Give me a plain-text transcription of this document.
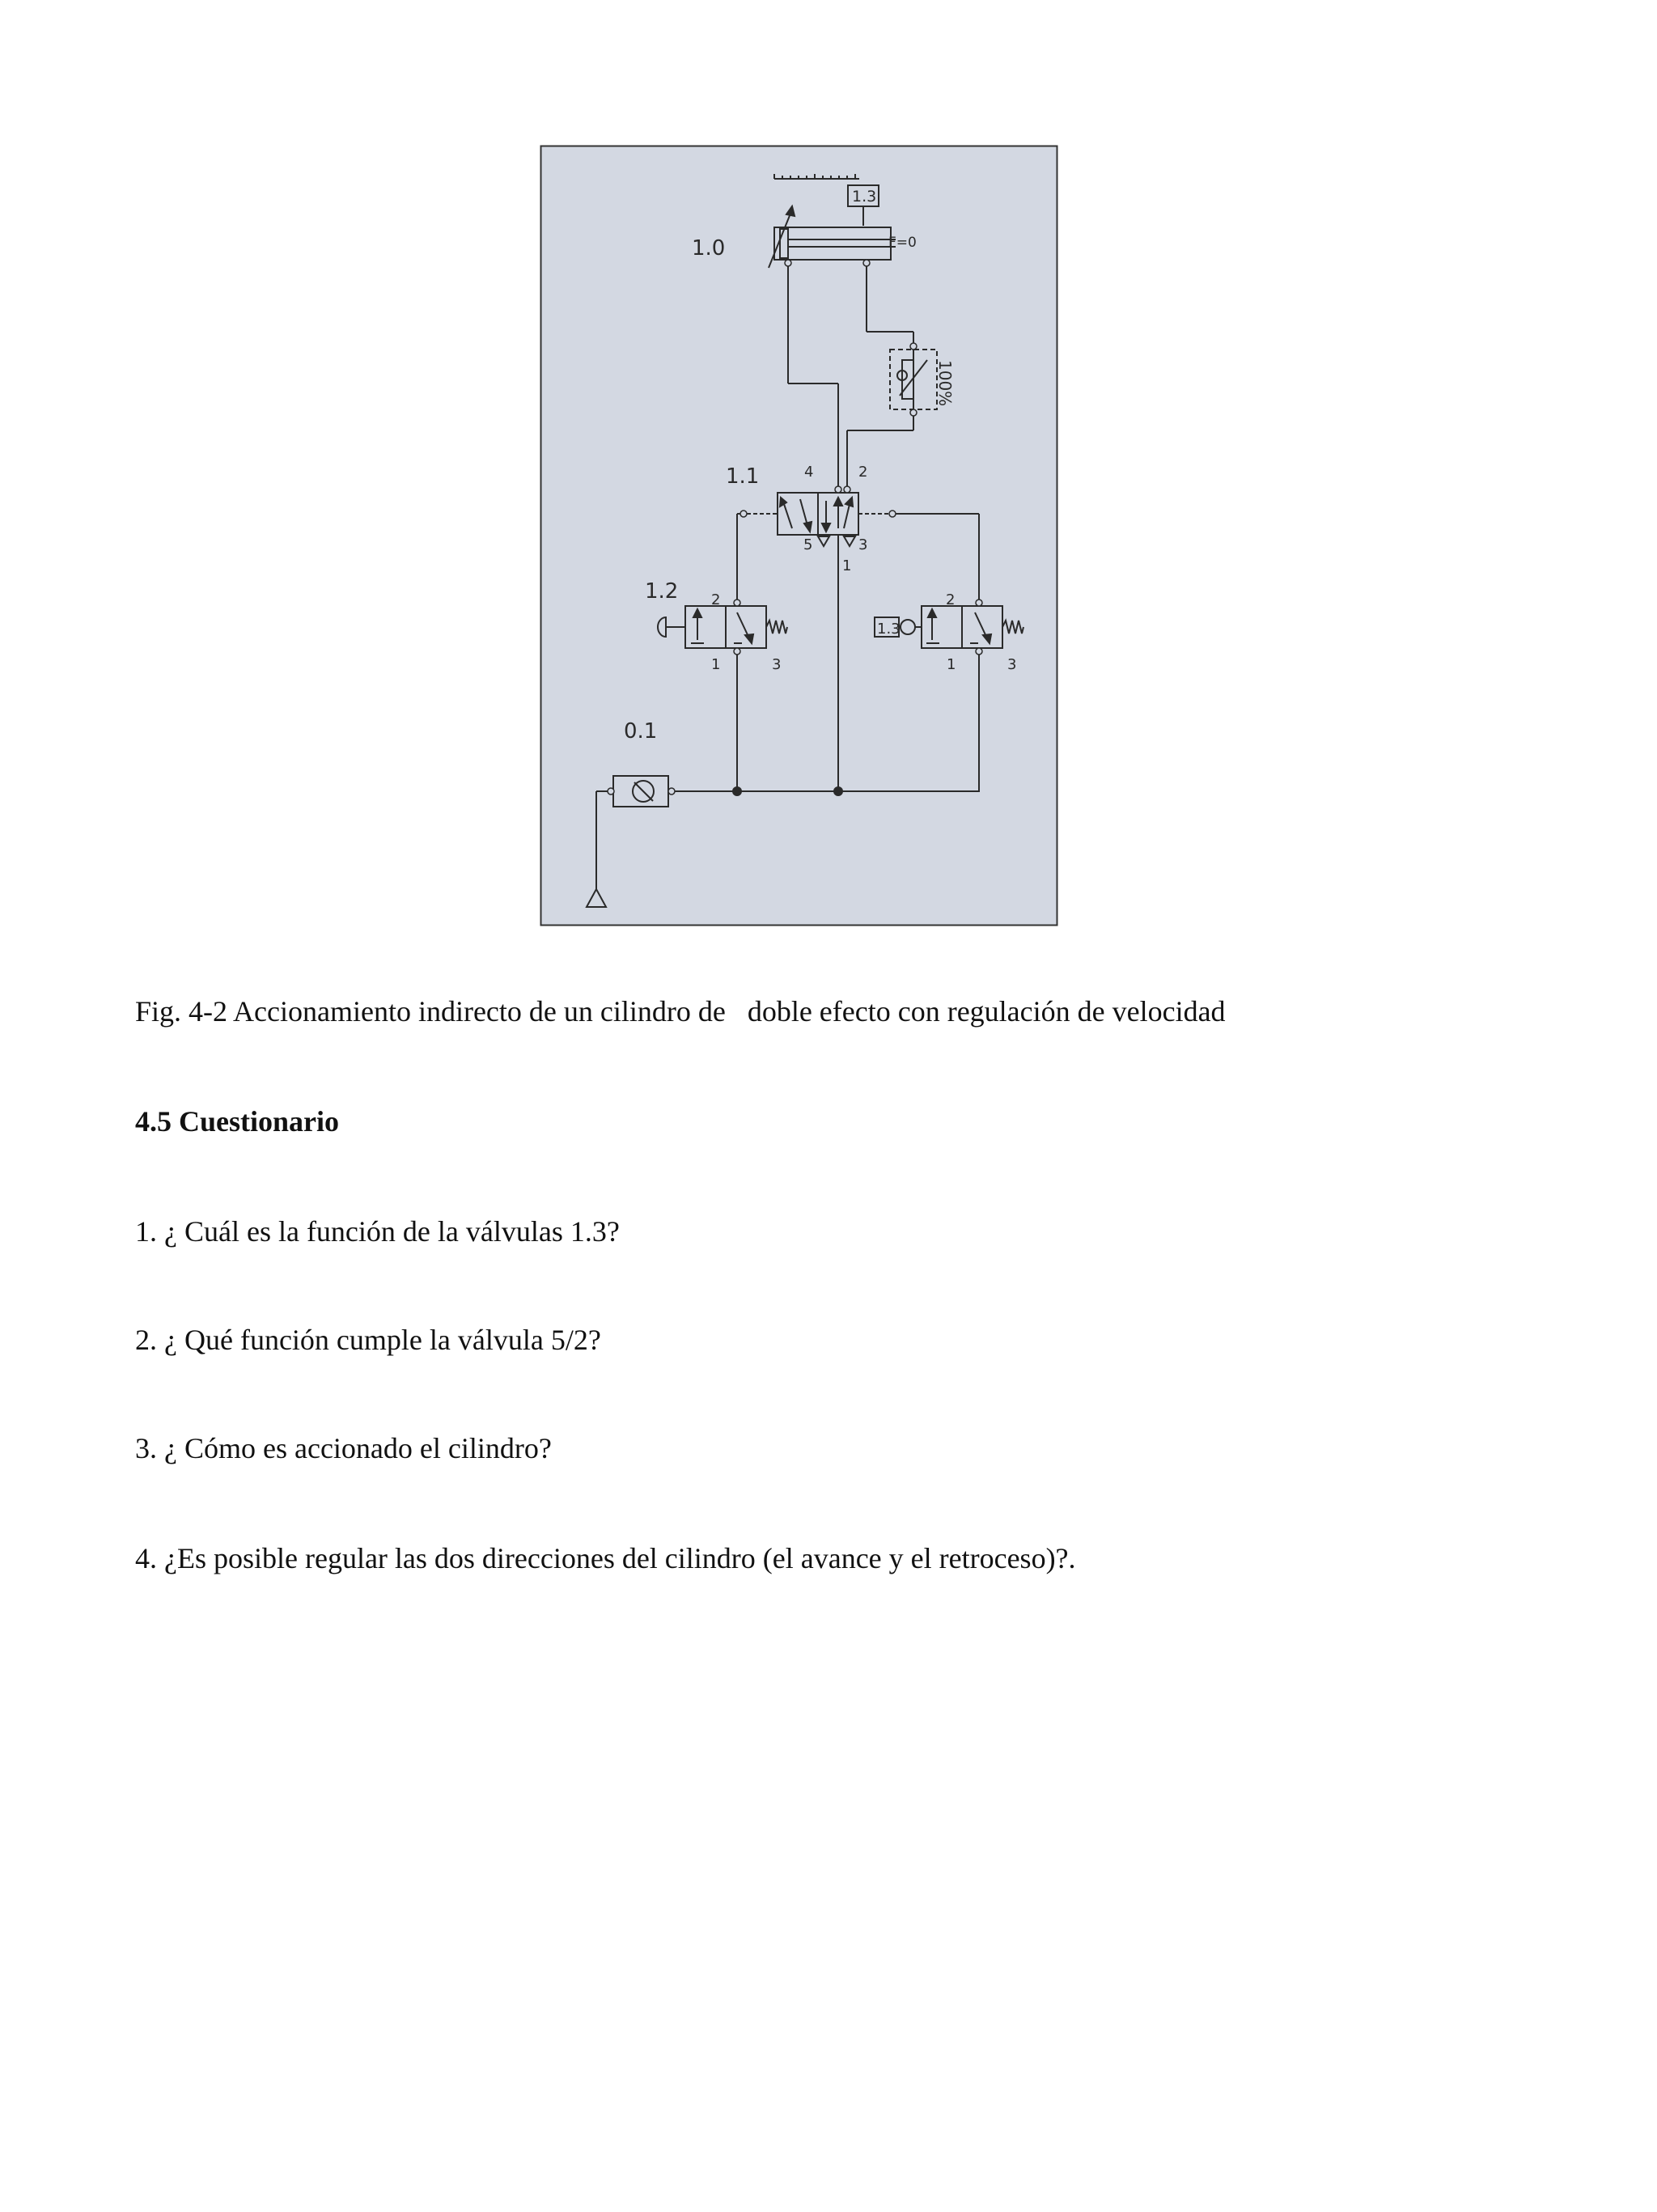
1.0
1.3
F=0
100%
1.1	4	2
5	3
1
1.2 2
1	3
1.3
2
1	3
0.1
Fig. 4-2 Accionamiento indirecto de un cilindro de   doble efecto con regulación de velocidad
4.5 Cuestionario
1. ¿ Cuál es la función de la válvulas 1.3?
2. ¿ Qué función cumple la válvula 5/2?
3. ¿ Cómo es accionado el cilindro?
4. ¿Es posible regular las dos direcciones del cilindro (el avance y el retroceso)?.
